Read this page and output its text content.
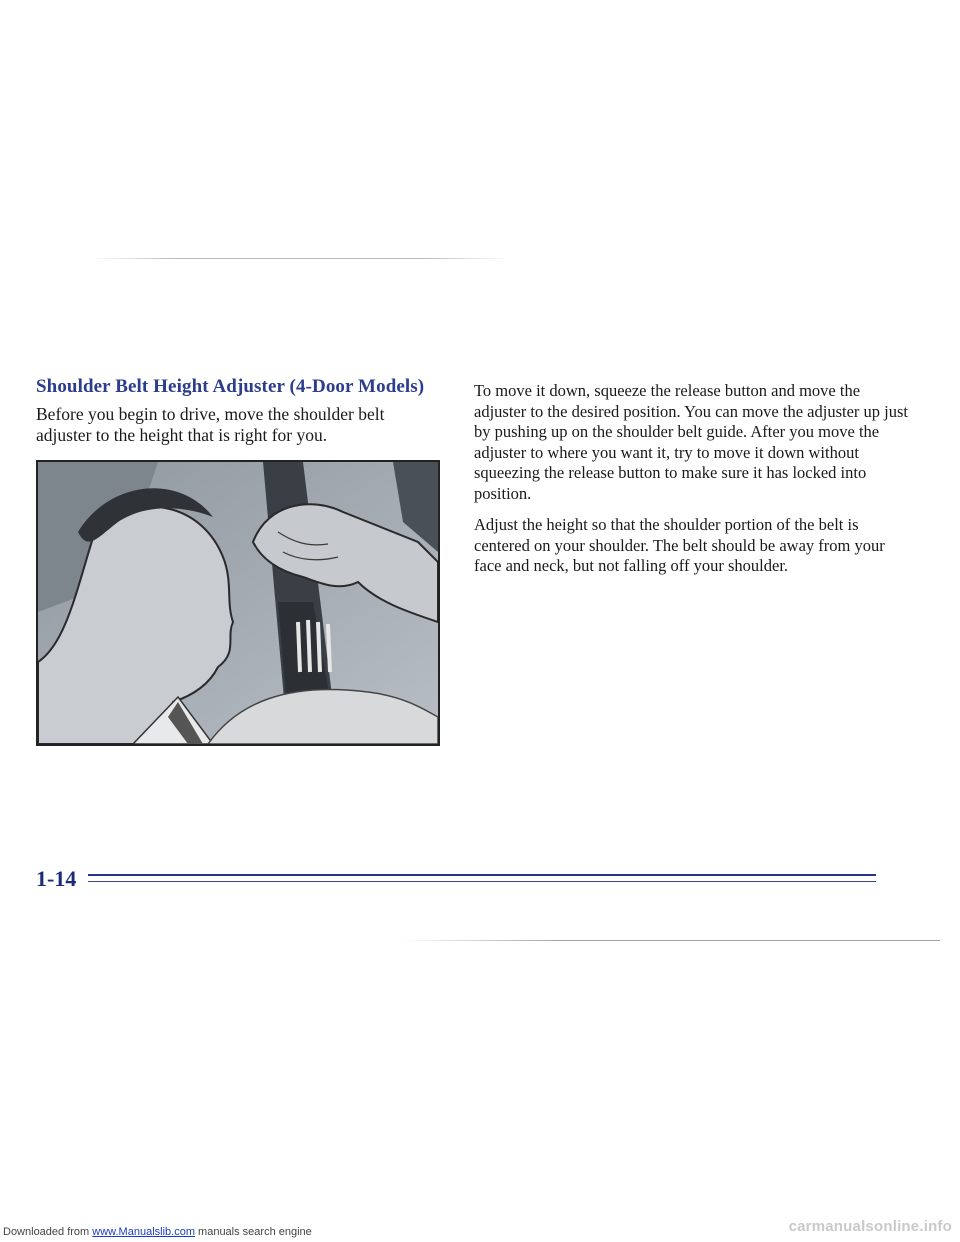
Shoulder Belt Height Adjuster (4-Door Models)

Before you begin to drive, move the shoulder belt adjuster to the height that is right for you.

To move it down, squeeze the release button and move the adjuster to the desired position. You can move the adjuster up just by pushing up on the shoulder belt guide. After you move the adjuster to where you want it, try to move it down without squeezing the release button to make sure it has locked into position.

Adjust the height so that the shoulder portion of the belt is centered on your shoulder. The belt should be away from your face and neck, but not falling off your shoulder.

1-14

Downloaded from www.Manualslib.com manuals search engine	carmanualsonline.info
